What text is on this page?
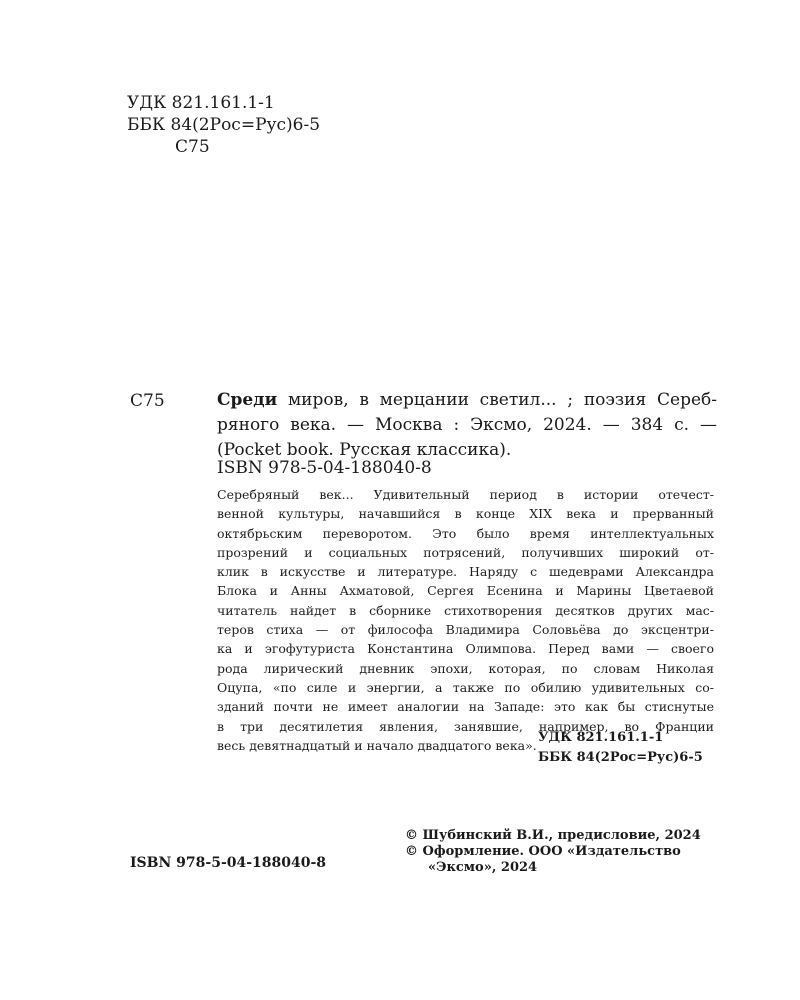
УДК 821.161.1-1
ББК 84(2Рос=Рус)6-5
С75
С75	Среди миров, в мерцании светил... ; поэзия Сереб-
ряного века. — Москва : Эксмо, 2024. — 384 с. —
(Pocket book. Русская классика).
ISBN 978-5-04-188040-8
Серебряный век... Удивительный период в истории отечест-
венной культуры, начавшийся в конце XIX века и прерванный
октябрьским переворотом. Это было время интеллектуальных
прозрений и социальных потрясений, получивших широкий от-
клик в искусстве и литературе. Наряду с шедеврами Александра
Блока и Анны Ахматовой, Сергея Есенина и Марины Цветаевой
читатель найдет в сборнике стихотворения десятков других мас-
теров стиха — от философа Владимира Соловьёва до эксцентри-
ка и эгофутуриста Константина Олимпова. Перед вами — своего
рода лирический дневник эпохи, которая, по словам Николая
Оцупа, «по силе и энергии, а также по обилию удивительных со-
зданий почти не имеет аналогии на Западе: это как бы стиснутые
в три десятилетия явления, занявшие, например, во Франции
весь девятнадцатый и начало двадцатого века».
УДК 821.161.1-1
ББК 84(2Рос=Рус)6-5
© Шубинский В.И., предисловие, 2024
© Оформление. ООО «Издательство
«Эксмо», 2024
ISBN 978-5-04-188040-8
